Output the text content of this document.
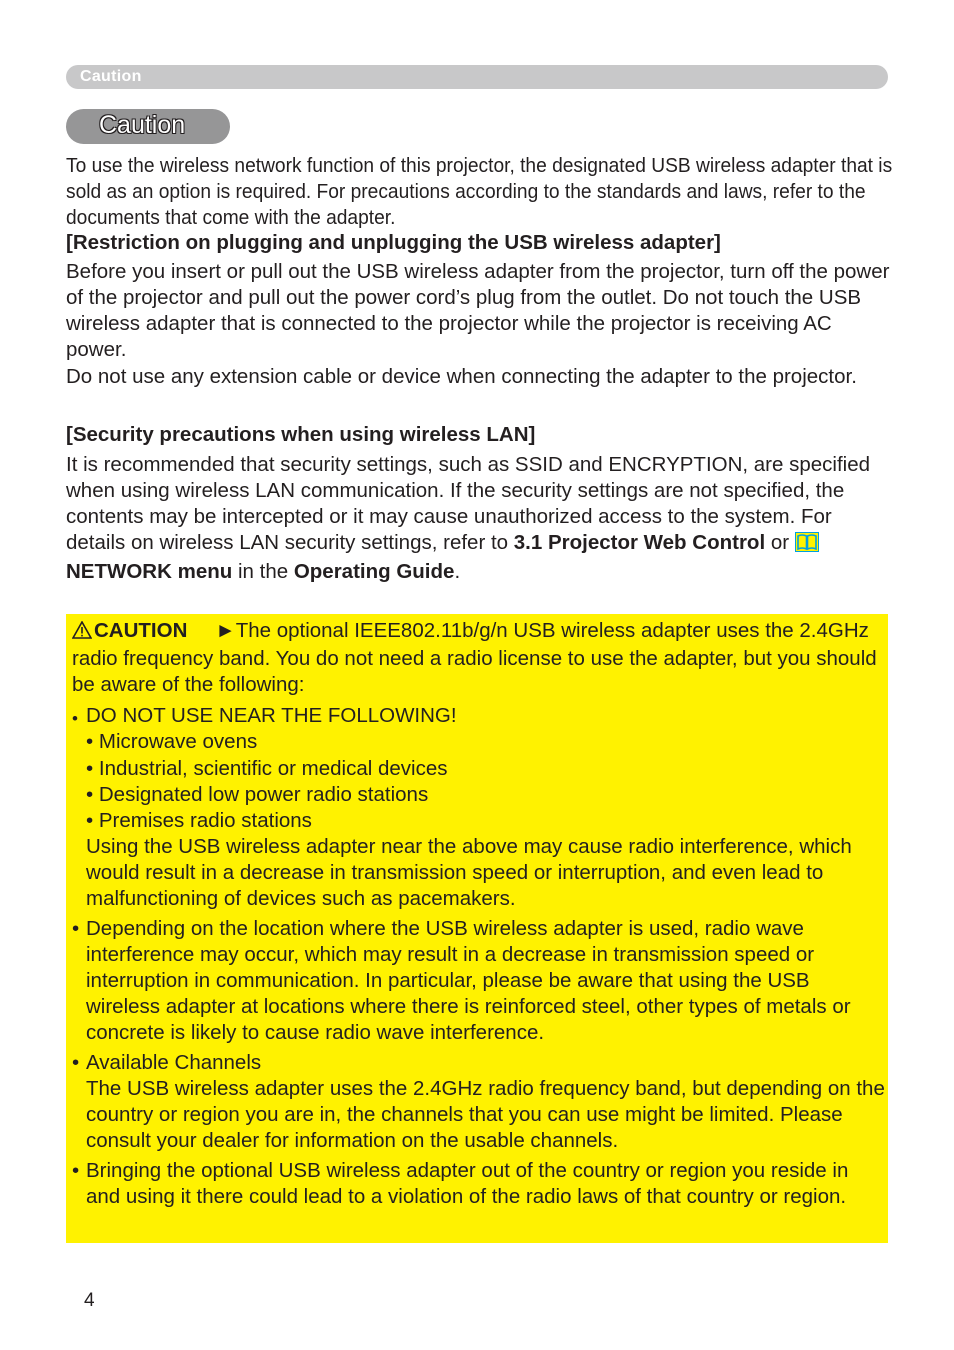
Caution
Caution
To use the wireless network function of this projector, the designated USB wireless adapter that is sold as an option is required. For precautions according to the standards and laws, refer to the documents that come with the adapter.
[Restriction on plugging and unplugging the USB wireless adapter]
Before you insert or pull out the USB wireless adapter from the projector, turn off the power of the projector and pull out the power cord’s plug from the outlet. Do not touch the USB wireless adapter that is connected to the projector while the projector is receiving AC power.
Do not use any extension cable or device when connecting the adapter to the projector.
[Security precautions when using wireless LAN]
It is recommended that security settings, such as SSID and ENCRYPTION, are specified when using wireless LAN communication. If the security settings are not specified, the contents may be intercepted or it may cause unauthorized access to the system. For details on wireless LAN security settings, refer to 3.1 Projector Web Control or NETWORK menu in the Operating Guide.
CAUTION ►The optional IEEE802.11b/g/n USB wireless adapter uses the 2.4GHz radio frequency band. You do not need a radio license to use the adapter, but you should be aware of the following:
• DO NOT USE NEAR THE FOLLOWING!
• Microwave ovens
• Industrial, scientific or medical devices
• Designated low power radio stations
• Premises radio stations
Using the USB wireless adapter near the above may cause radio interference, which would result in a decrease in transmission speed or interruption, and even lead to malfunctioning of devices such as pacemakers.
• Depending on the location where the USB wireless adapter is used, radio wave interference may occur, which may result in a decrease in transmission speed or interruption in communication. In particular, please be aware that using the USB wireless adapter at locations where there is reinforced steel, other types of metals or concrete is likely to cause radio wave interference.
• Available Channels
The USB wireless adapter uses the 2.4GHz radio frequency band, but depending on the country or region you are in, the channels that you can use might be limited. Please consult your dealer for information on the usable channels.
• Bringing the optional USB wireless adapter out of the country or region you reside in and using it there could lead to a violation of the radio laws of that country or region.
4
